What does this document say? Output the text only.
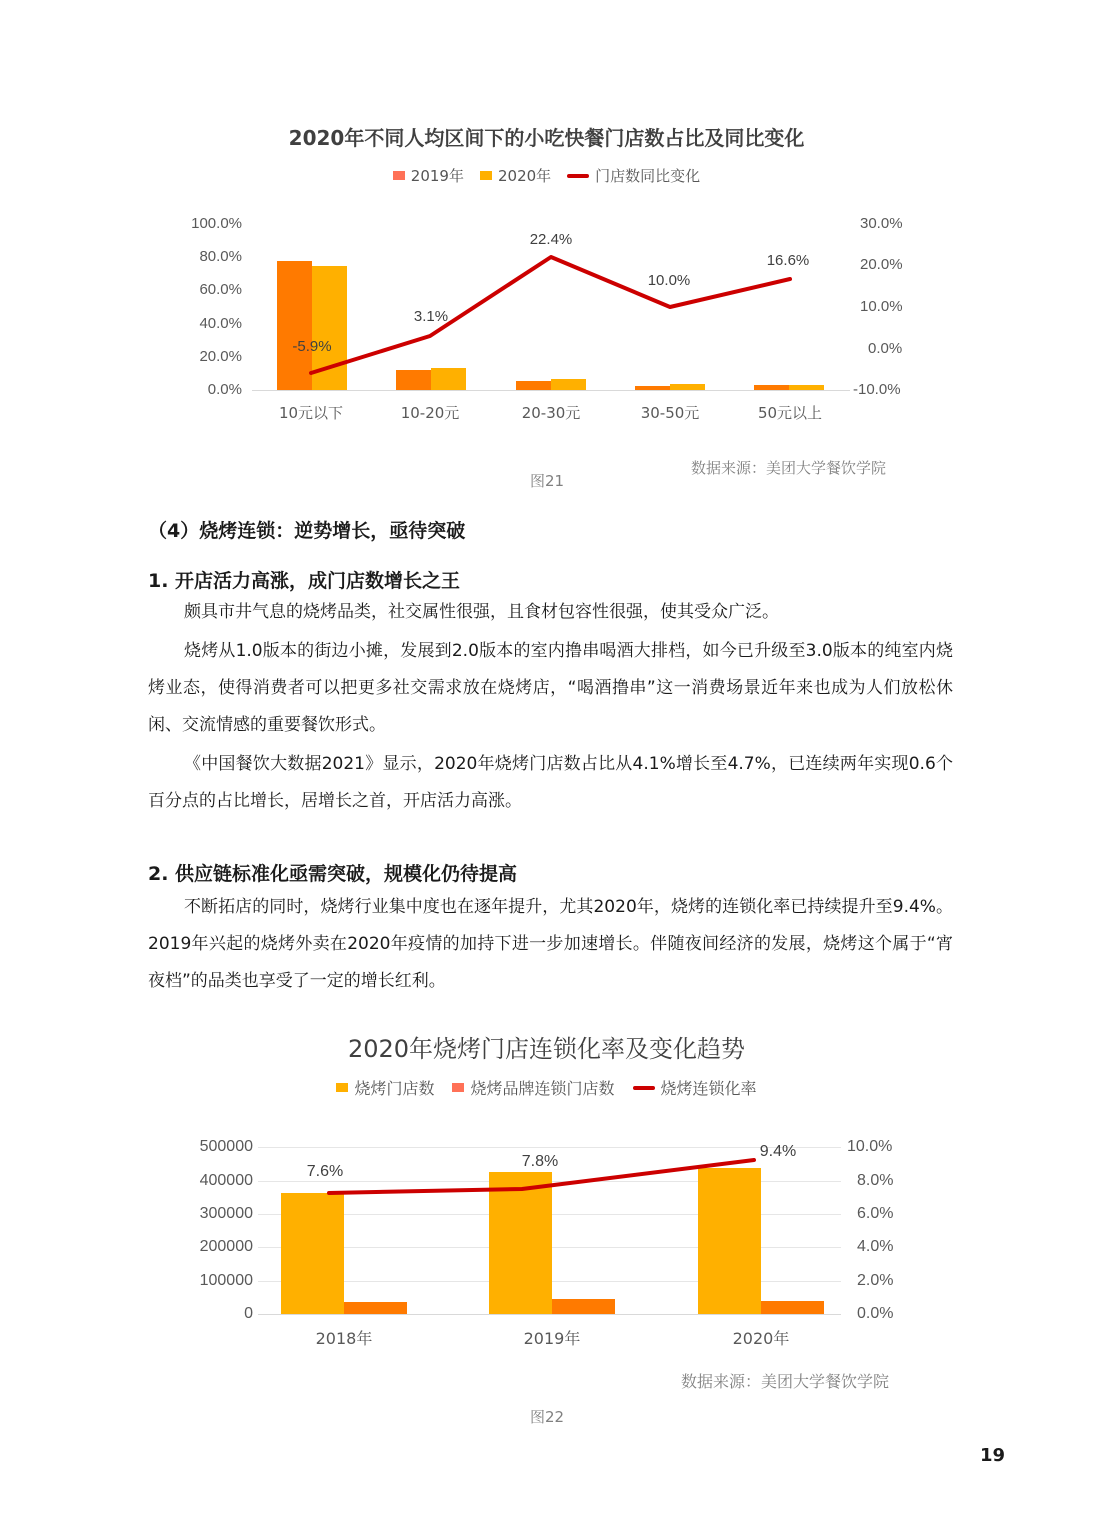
2020年不同人均区间下的小吃快餐门店数占比及同比变化
2019年 2020年	门店数同比变化
100.0%
80.0%
60.0%
40.0%
20.0%
0.0%
30.0%
20.0%
10.0%
0.0%
-10.0%
-5.9%
3.1%
22.4%
10.0%
16.6%
10元以下	10-20元	20-30元	30-50元	50元以上
数据来源：美团大学餐饮学院
图21
（4）烧烤连锁：逆势增长，亟待突破
1. 开店活力高涨，成门店数增长之王
颇具市井气息的烧烤品类，社交属性很强，且食材包容性很强，使其受众广泛。
烧烤从1.0版本的街边小摊，发展到2.0版本的室内撸串喝酒大排档，如今已升级至3.0版本的纯室内烧烤业态，使得消费者可以把更多社交需求放在烧烤店，“喝酒撸串”这一消费场景近年来也成为人们放松休闲、交流情感的重要餐饮形式。
《中国餐饮大数据2021》显示，2020年烧烤门店数占比从4.1%增长至4.7%，已连续两年实现0.6个百分点的占比增长，居增长之首，开店活力高涨。
2. 供应链标准化亟需突破，规模化仍待提高
不断拓店的同时，烧烤行业集中度也在逐年提升，尤其2020年，烧烤的连锁化率已持续提升至9.4%。2019年兴起的烧烤外卖在2020年疫情的加持下进一步加速增长。伴随夜间经济的发展，烧烤这个属于“宵夜档”的品类也享受了一定的增长红利。
2020年烧烤门店连锁化率及变化趋势
烧烤门店数 烧烤品牌连锁门店数	烧烤连锁化率
500000
400000
300000
200000
100000
0
10.0%
8.0%
6.0%
4.0%
2.0%
0.0%
7.6%
7.8%
9.4%
2018年	2019年	2020年
数据来源：美团大学餐饮学院
图22
19
